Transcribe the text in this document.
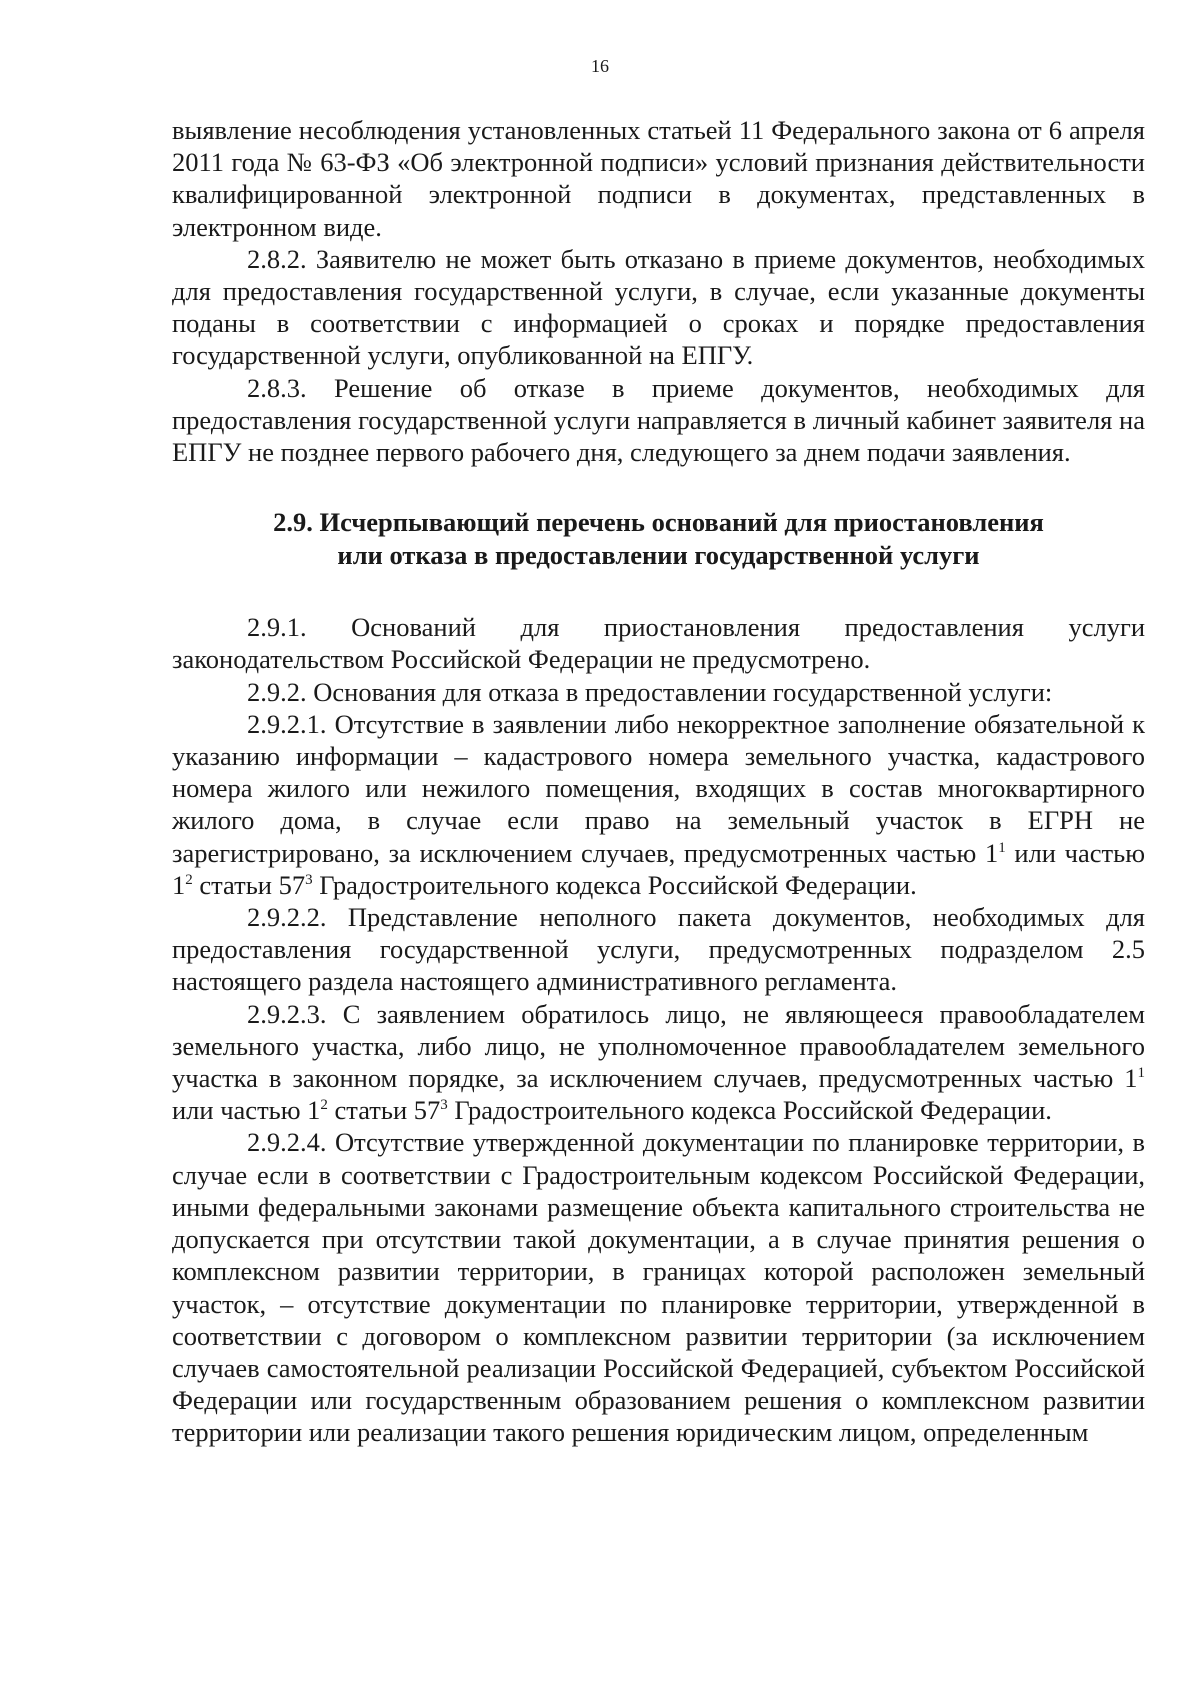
16

выявление несоблюдения установленных статьей 11 Федерального закона от 6 апреля 2011 года № 63-ФЗ «Об электронной подписи» условий признания действительности квалифицированной электронной подписи в документах, представленных в электронном виде.

2.8.2. Заявителю не может быть отказано в приеме документов, необходимых для предоставления государственной услуги, в случае, если указанные документы поданы в соответствии с информацией о сроках и порядке предоставления государственной услуги, опубликованной на ЕПГУ.

2.8.3. Решение об отказе в приеме документов, необходимых для предоставления государственной услуги направляется в личный кабинет заявителя на ЕПГУ не позднее первого рабочего дня, следующего за днем подачи заявления.

2.9. Исчерпывающий перечень оснований для приостановления
или отказа в предоставлении государственной услуги

2.9.1. Оснований для приостановления предоставления услуги законодательством Российской Федерации не предусмотрено.

2.9.2. Основания для отказа в предоставлении государственной услуги:

2.9.2.1. Отсутствие в заявлении либо некорректное заполнение обязательной к указанию информации – кадастрового номера земельного участка, кадастрового номера жилого или нежилого помещения, входящих в состав многоквартирного жилого дома, в случае если право на земельный участок в ЕГРН не зарегистрировано, за исключением случаев, предусмотренных частью $1^1$ или частью $1^2$ статьи $57^3$ Градостроительного кодекса Российской Федерации.

2.9.2.2. Представление неполного пакета документов, необходимых для предоставления государственной услуги, предусмотренных подразделом 2.5 настоящего раздела настоящего административного регламента.

2.9.2.3. С заявлением обратилось лицо, не являющееся правообладателем земельного участка, либо лицо, не уполномоченное правообладателем земельного участка в законном порядке, за исключением случаев, предусмотренных частью $1^1$ или частью $1^2$ статьи $57^3$ Градостроительного кодекса Российской Федерации.

2.9.2.4. Отсутствие утвержденной документации по планировке территории, в случае если в соответствии с Градостроительным кодексом Российской Федерации, иными федеральными законами размещение объекта капитального строительства не допускается при отсутствии такой документации, а в случае принятия решения о комплексном развитии территории, в границах которой расположен земельный участок, – отсутствие документации по планировке территории, утвержденной в соответствии с договором о комплексном развитии территории (за исключением случаев самостоятельной реализации Российской Федерацией, субъектом Российской Федерации или государственным образованием решения о комплексном развитии территории или реализации такого решения юридическим лицом, определенным
